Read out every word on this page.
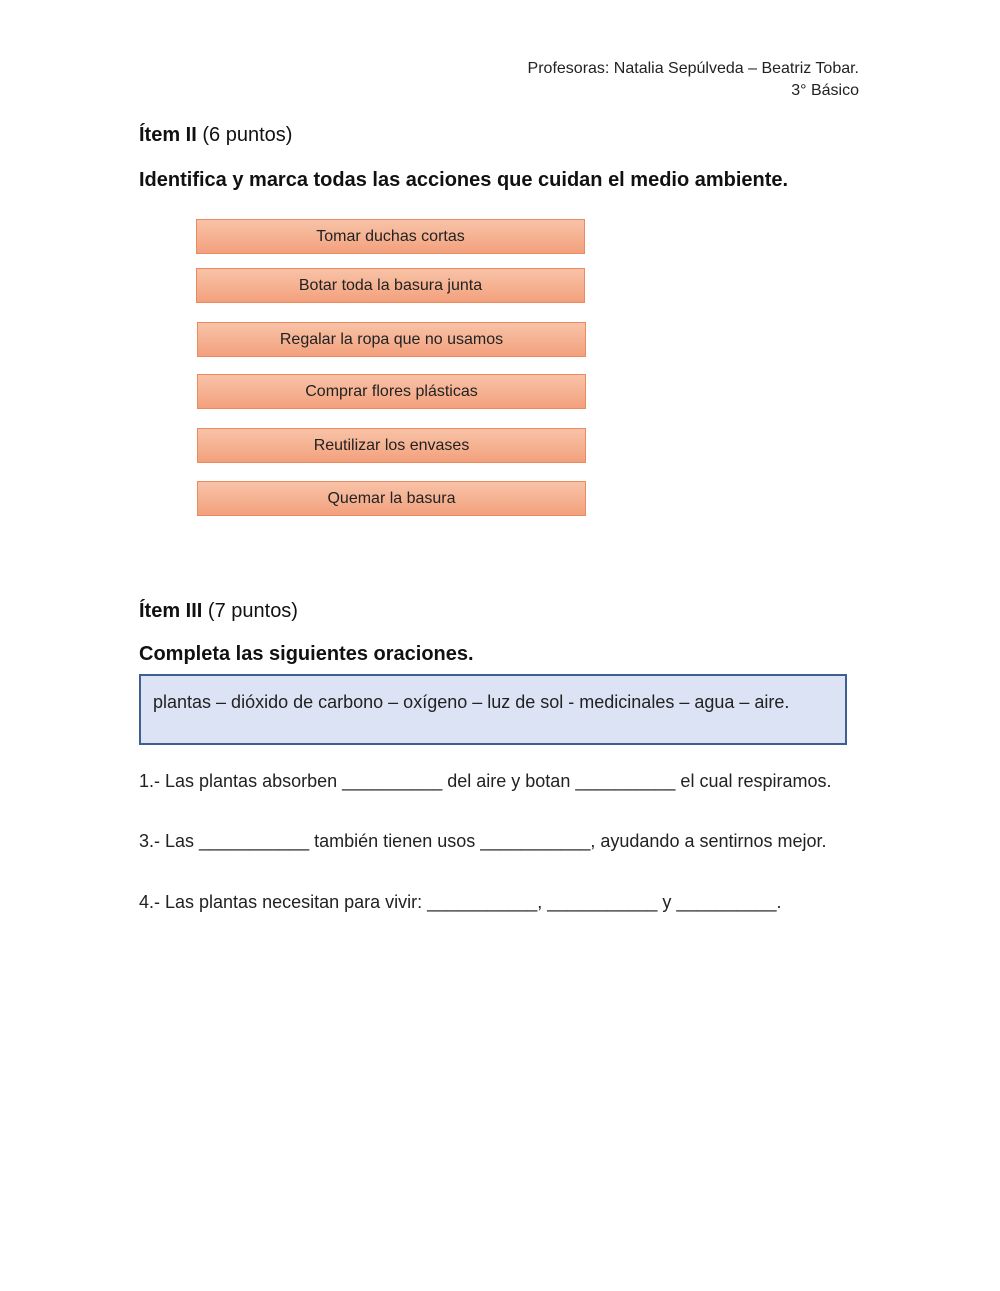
Profesoras: Natalia Sepúlveda – Beatriz Tobar.
3° Básico
Ítem II (6 puntos)
Identifica y marca todas las acciones que cuidan el medio ambiente.
Tomar duchas cortas
Botar toda la basura junta
Regalar la ropa que no usamos
Comprar flores plásticas
Reutilizar los envases
Quemar la basura
Ítem III (7 puntos)
Completa las siguientes oraciones.
plantas – dióxido de carbono – oxígeno – luz de sol - medicinales – agua – aire.
1.- Las plantas absorben __________ del aire y botan __________ el cual respiramos.
3.- Las ___________ también tienen usos ___________, ayudando a sentirnos mejor.
4.- Las plantas necesitan para vivir: ___________, ___________ y __________.
